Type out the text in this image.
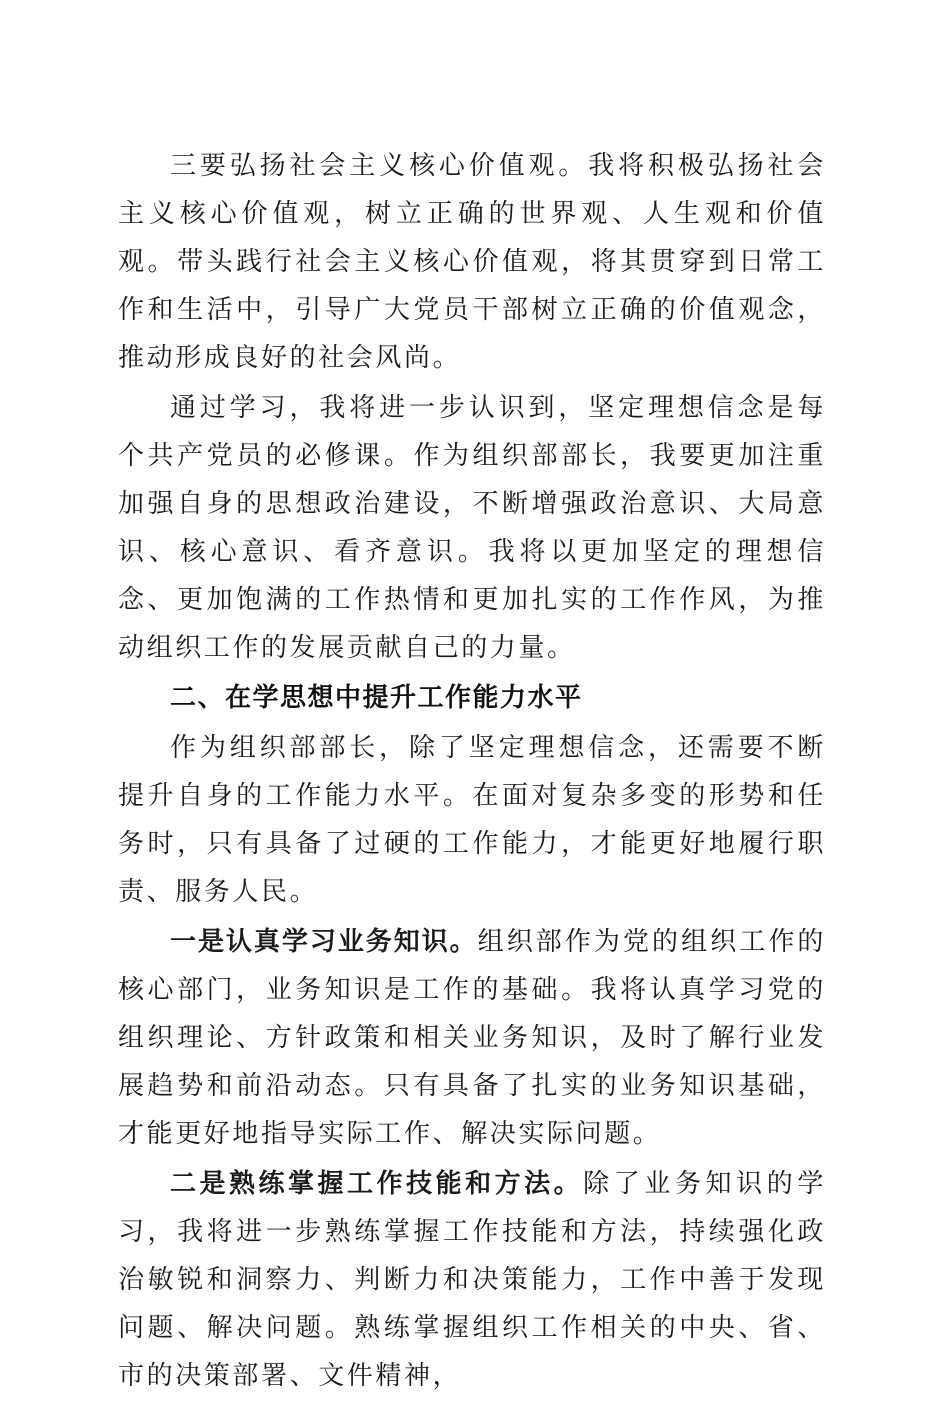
三要弘扬社会主义核心价值观。我将积极弘扬社会主义核心价值观，树立正确的世界观、人生观和价值观。带头践行社会主义核心价值观，将其贯穿到日常工作和生活中，引导广大党员干部树立正确的价值观念，推动形成良好的社会风尚。

通过学习，我将进一步认识到，坚定理想信念是每个共产党员的必修课。作为组织部部长，我要更加注重加强自身的思想政治建设，不断增强政治意识、大局意识、核心意识、看齐意识。我将以更加坚定的理想信念、更加饱满的工作热情和更加扎实的工作作风，为推动组织工作的发展贡献自己的力量。

二、在学思想中提升工作能力水平

作为组织部部长，除了坚定理想信念，还需要不断提升自身的工作能力水平。在面对复杂多变的形势和任务时，只有具备了过硬的工作能力，才能更好地履行职责、服务人民。

一是认真学习业务知识。组织部作为党的组织工作的核心部门，业务知识是工作的基础。我将认真学习党的组织理论、方针政策和相关业务知识，及时了解行业发展趋势和前沿动态。只有具备了扎实的业务知识基础，才能更好地指导实际工作、解决实际问题。

二是熟练掌握工作技能和方法。除了业务知识的学习，我将进一步熟练掌握工作技能和方法，持续强化政治敏锐和洞察力、判断力和决策能力，工作中善于发现问题、解决问题。熟练掌握组织工作相关的中央、省、市的决策部署、文件精神，
